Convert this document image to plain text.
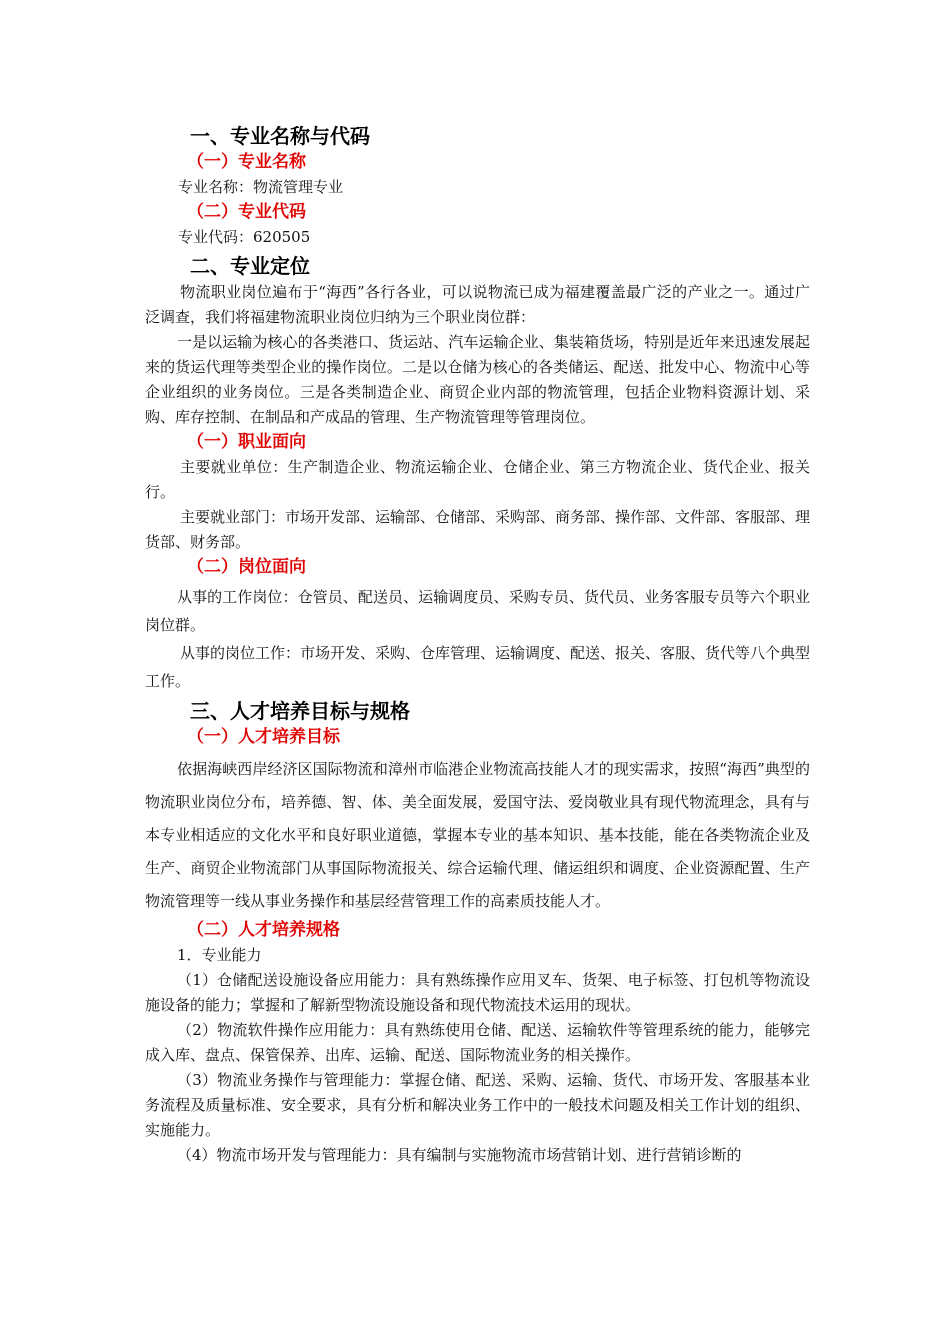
一、专业名称与代码

（一）专业名称

专业名称：物流管理专业

（二）专业代码

专业代码：620505

二、专业定位

物流职业岗位遍布于“海西”各行各业，可以说物流已成为福建覆盖最广泛的产业之一。通过广泛调查，我们将福建物流职业岗位归纳为三个职业岗位群：

一是以运输为核心的各类港口、货运站、汽车运输企业、集装箱货场，特别是近年来迅速发展起来的货运代理等类型企业的操作岗位。二是以仓储为核心的各类储运、配送、批发中心、物流中心等企业组织的业务岗位。三是各类制造企业、商贸企业内部的物流管理，包括企业物料资源计划、采购、库存控制、在制品和产成品的管理、生产物流管理等管理岗位。

（一）职业面向

主要就业单位：生产制造企业、物流运输企业、仓储企业、第三方物流企业、货代企业、报关行。

主要就业部门：市场开发部、运输部、仓储部、采购部、商务部、操作部、文件部、客服部、理货部、财务部。

（二）岗位面向

从事的工作岗位：仓管员、配送员、运输调度员、采购专员、货代员、业务客服专员等六个职业岗位群。

从事的岗位工作：市场开发、采购、仓库管理、运输调度、配送、报关、客服、货代等八个典型工作。

三、人才培养目标与规格

（一）人才培养目标

依据海峡西岸经济区国际物流和漳州市临港企业物流高技能人才的现实需求，按照“海西”典型的物流职业岗位分布，培养德、智、体、美全面发展，爱国守法、爱岗敬业具有现代物流理念，具有与本专业相适应的文化水平和良好职业道德，掌握本专业的基本知识、基本技能，能在各类物流企业及生产、商贸企业物流部门从事国际物流报关、综合运输代理、储运组织和调度、企业资源配置、生产物流管理等一线从事业务操作和基层经营管理工作的高素质技能人才。

（二）人才培养规格

1．专业能力

（1）仓储配送设施设备应用能力：具有熟练操作应用叉车、货架、电子标签、打包机等物流设施设备的能力；掌握和了解新型物流设施设备和现代物流技术运用的现状。

（2）物流软件操作应用能力：具有熟练使用仓储、配送、运输软件等管理系统的能力，能够完成入库、盘点、保管保养、出库、运输、配送、国际物流业务的相关操作。

（3）物流业务操作与管理能力：掌握仓储、配送、采购、运输、货代、市场开发、客服基本业务流程及质量标准、安全要求，具有分析和解决业务工作中的一般技术问题及相关工作计划的组织、实施能力。

（4）物流市场开发与管理能力：具有编制与实施物流市场营销计划、进行营销诊断的
